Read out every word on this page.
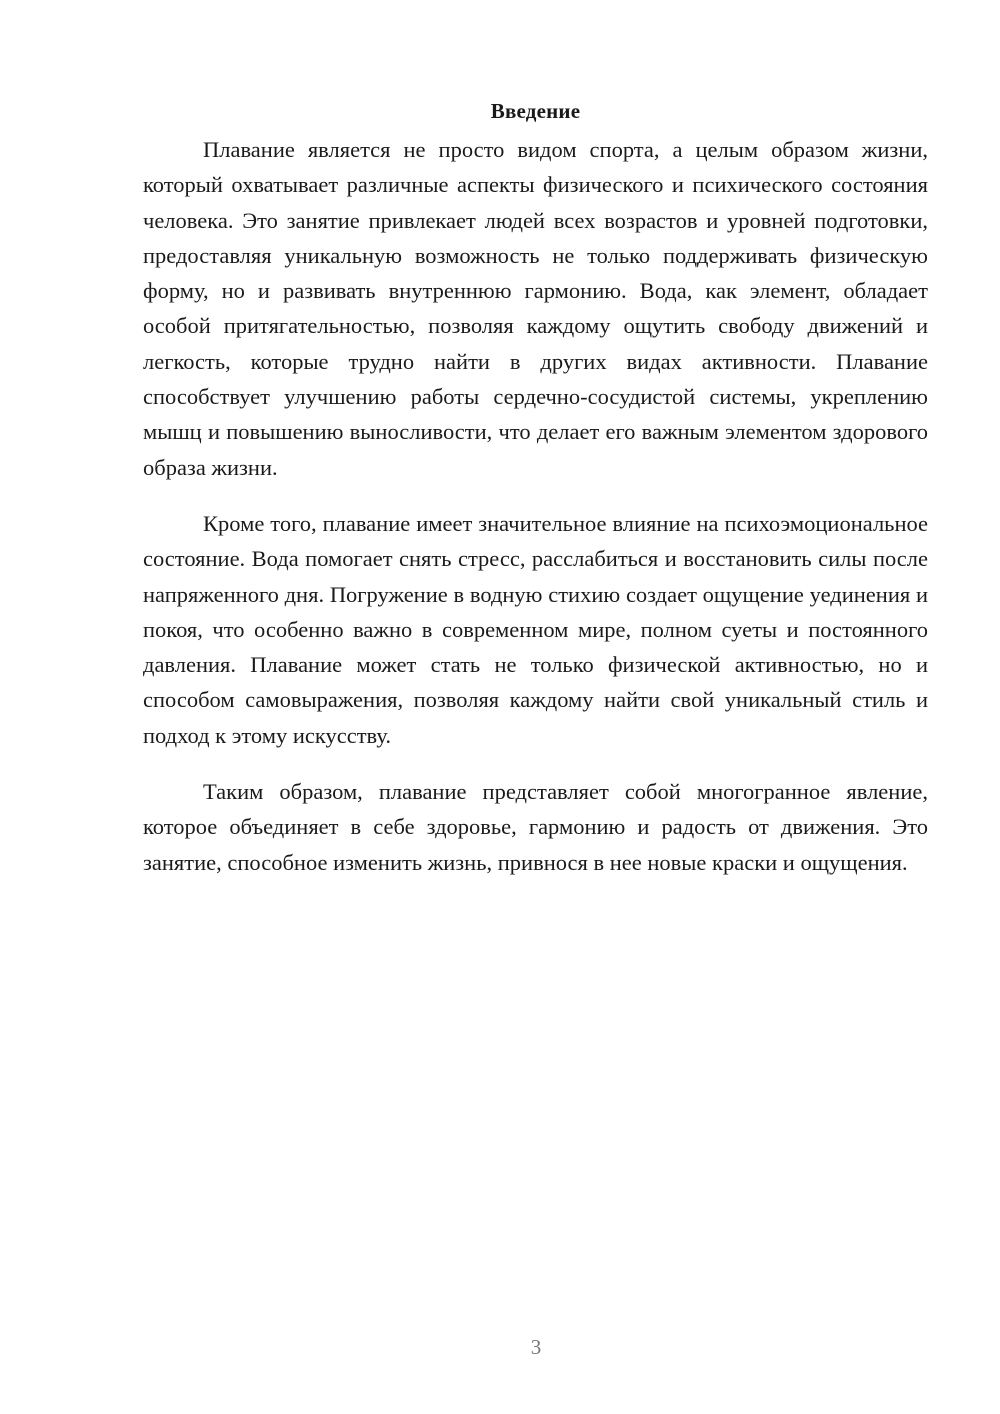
Введение

Плавание является не просто видом спорта, а целым образом жизни, который охватывает различные аспекты физического и психического состояния человека. Это занятие привлекает людей всех возрастов и уровней подготовки, предоставляя уникальную возможность не только поддерживать физическую форму, но и развивать внутреннюю гармонию. Вода, как элемент, обладает особой притягательностью, позволяя каждому ощутить свободу движений и легкость, которые трудно найти в других видах активности. Плавание способствует улучшению работы сердечно-сосудистой системы, укреплению мышц и повышению выносливости, что делает его важным элементом здорового образа жизни.

Кроме того, плавание имеет значительное влияние на психоэмоциональное состояние. Вода помогает снять стресс, расслабиться и восстановить силы после напряженного дня. Погружение в водную стихию создает ощущение уединения и покоя, что особенно важно в современном мире, полном суеты и постоянного давления. Плавание может стать не только физической активностью, но и способом самовыражения, позволяя каждому найти свой уникальный стиль и подход к этому искусству.

Таким образом, плавание представляет собой многогранное явление, которое объединяет в себе здоровье, гармонию и радость от движения. Это занятие, способное изменить жизнь, привнося в нее новые краски и ощущения.

3
